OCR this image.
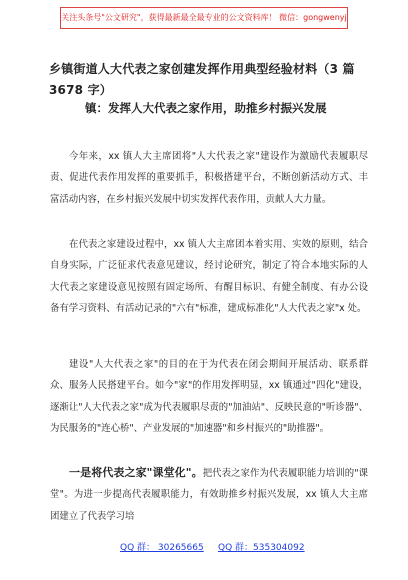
关注头条号"公文研究"，获得最新最全最专业的公文资料库！ 微信：gongwenyj
乡镇街道人大代表之家创建发挥作用典型经验材料（3 篇 3678 字）
镇：发挥人大代表之家作用，助推乡村振兴发展

今年来，xx 镇人大主席团将"人大代表之家"建设作为激励代表履职尽责、促进代表作用发挥的重要抓手，积极搭建平台，不断创新活动方式、丰富活动内容，在乡村振兴发展中切实发挥代表作用，贡献人大力量。

在代表之家建设过程中，xx 镇人大主席团本着实用、实效的原则，结合自身实际，广泛征求代表意见建议，经讨论研究，制定了符合本地实际的人大代表之家建设意见按照有固定场所、有醒目标识、有健全制度、有办公设备有学习资料、有活动记录的"六有"标准，建成标准化"人大代表之家"x 处。

建设"人大代表之家"的目的在于为代表在闭会期间开展活动、联系群众、服务人民搭建平台。如今"家"的作用发挥明显，xx 镇通过"四化"建设，逐渐让"人大代表之家"成为代表履职尽责的"加油站"、反映民意的"听诊器"、为民服务的"连心桥"、产业发展的"加速器"和乡村振兴的"助推器"。

一是将代表之家"课堂化"。把代表之家作为代表履职能力培训的"课堂"。为进一步提高代表履职能力，有效助推乡村振兴发展，xx 镇人大主席团建立了代表学习培

QQ 群： 30265665 QQ 群：535304092
